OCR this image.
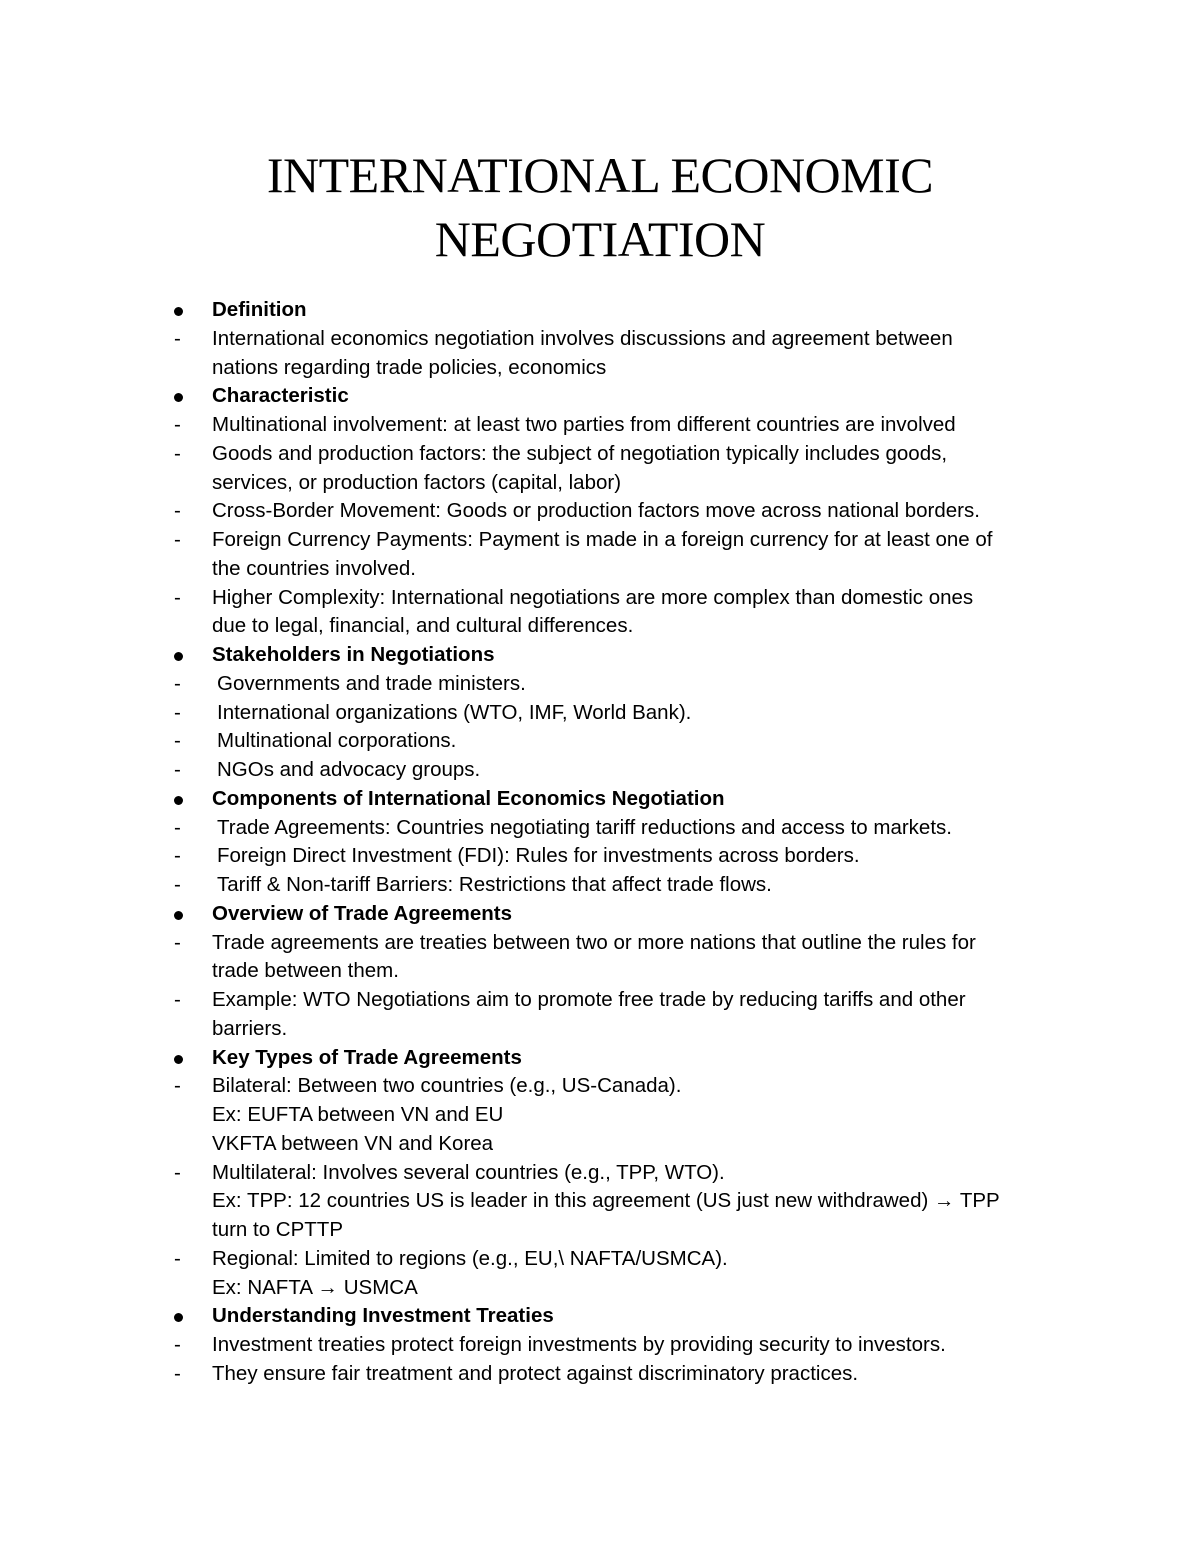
INTERNATIONAL ECONOMIC
NEGOTIATION
Definition
- International economics negotiation involves discussions and agreement between
nations regarding trade policies, economics
Characteristic
- Multinational involvement: at least two parties from different countries are involved
- Goods and production factors: the subject of negotiation typically includes goods,
services, or production factors (capital, labor)
- Cross-Border Movement: Goods or production factors move across national borders.
- Foreign Currency Payments: Payment is made in a foreign currency for at least one of
the countries involved.
- Higher Complexity: International negotiations are more complex than domestic ones
due to legal, financial, and cultural differences.
Stakeholders in Negotiations
- Governments and trade ministers.
- International organizations (WTO, IMF, World Bank).
- Multinational corporations.
- NGOs and advocacy groups.
Components of International Economics Negotiation
- Trade Agreements: Countries negotiating tariff reductions and access to markets.
- Foreign Direct Investment (FDI): Rules for investments across borders.
- Tariff & Non-tariff Barriers: Restrictions that affect trade flows.
Overview of Trade Agreements
- Trade agreements are treaties between two or more nations that outline the rules for
trade between them.
- Example: WTO Negotiations aim to promote free trade by reducing tariffs and other
barriers.
Key Types of Trade Agreements
- Bilateral: Between two countries (e.g., US-Canada).
Ex: EUFTA between VN and EU
VKFTA between VN and Korea
- Multilateral: Involves several countries (e.g., TPP, WTO).
Ex: TPP: 12 countries US is leader in this agreement (US just new withdrawed) → TPP
turn to CPTTP
- Regional: Limited to regions (e.g., EU,\ NAFTA/USMCA).
Ex: NAFTA → USMCA
Understanding Investment Treaties
- Investment treaties protect foreign investments by providing security to investors.
- They ensure fair treatment and protect against discriminatory practices.
